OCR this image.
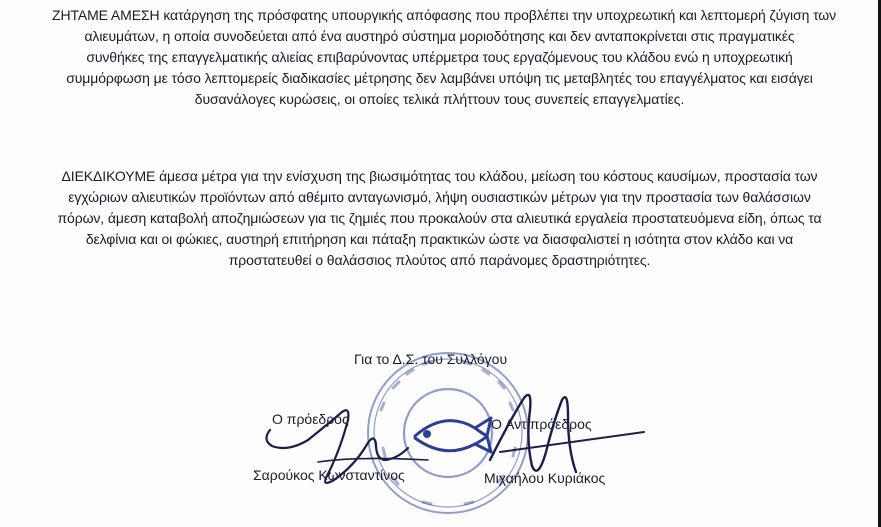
ΖΗΤΑΜΕ ΑΜΕΣΗ κατάργηση της πρόσφατης υπουργικής απόφασης που προβλέπει την υποχρεωτική και λεπτομερή ζύγιση των
αλιευμάτων, η οποία συνοδεύεται από ένα αυστηρό σύστημα μοριοδότησης και δεν ανταποκρίνεται στις πραγματικές
συνθήκες της επαγγελματικής αλιείας επιβαρύνοντας υπέρμετρα τους εργαζόμενους του κλάδου ενώ η υποχρεωτική
συμμόρφωση με τόσο λεπτομερείς διαδικασίες μέτρησης δεν λαμβάνει υπόψη τις μεταβλητές του επαγγέλματος και εισάγει
δυσανάλογες κυρώσεις, οι οποίες τελικά πλήττουν τους συνεπείς επαγγελματίες.
ΔΙΕΚΔΙΚΟΥΜΕ άμεσα μέτρα για την ενίσχυση της βιωσιμότητας του κλάδου, μείωση του κόστους καυσίμων, προστασία των
εγχώριων αλιευτικών προϊόντων από αθέμιτο ανταγωνισμό, λήψη ουσιαστικών μέτρων για την προστασία των θαλάσσιων
πόρων, άμεση καταβολή αποζημιώσεων για τις ζημιές που προκαλούν στα αλιευτικά εργαλεία προστατευόμενα είδη, όπως τα
δελφίνια και οι φώκιες, αυστηρή επιτήρηση και πάταξη πρακτικών ώστε να διασφαλιστεί η ισότητα στον κλάδο και να
προστατευθεί ο θαλάσσιος πλούτος από παράνομες δραστηριότητες.
Για το Δ.Σ. του Συλλόγου
Ο πρόεδρος	Ο Αντιπρόεδρος
Σαρούκος Κωνσταντίνος	Μιχαήλου Κυριάκος
